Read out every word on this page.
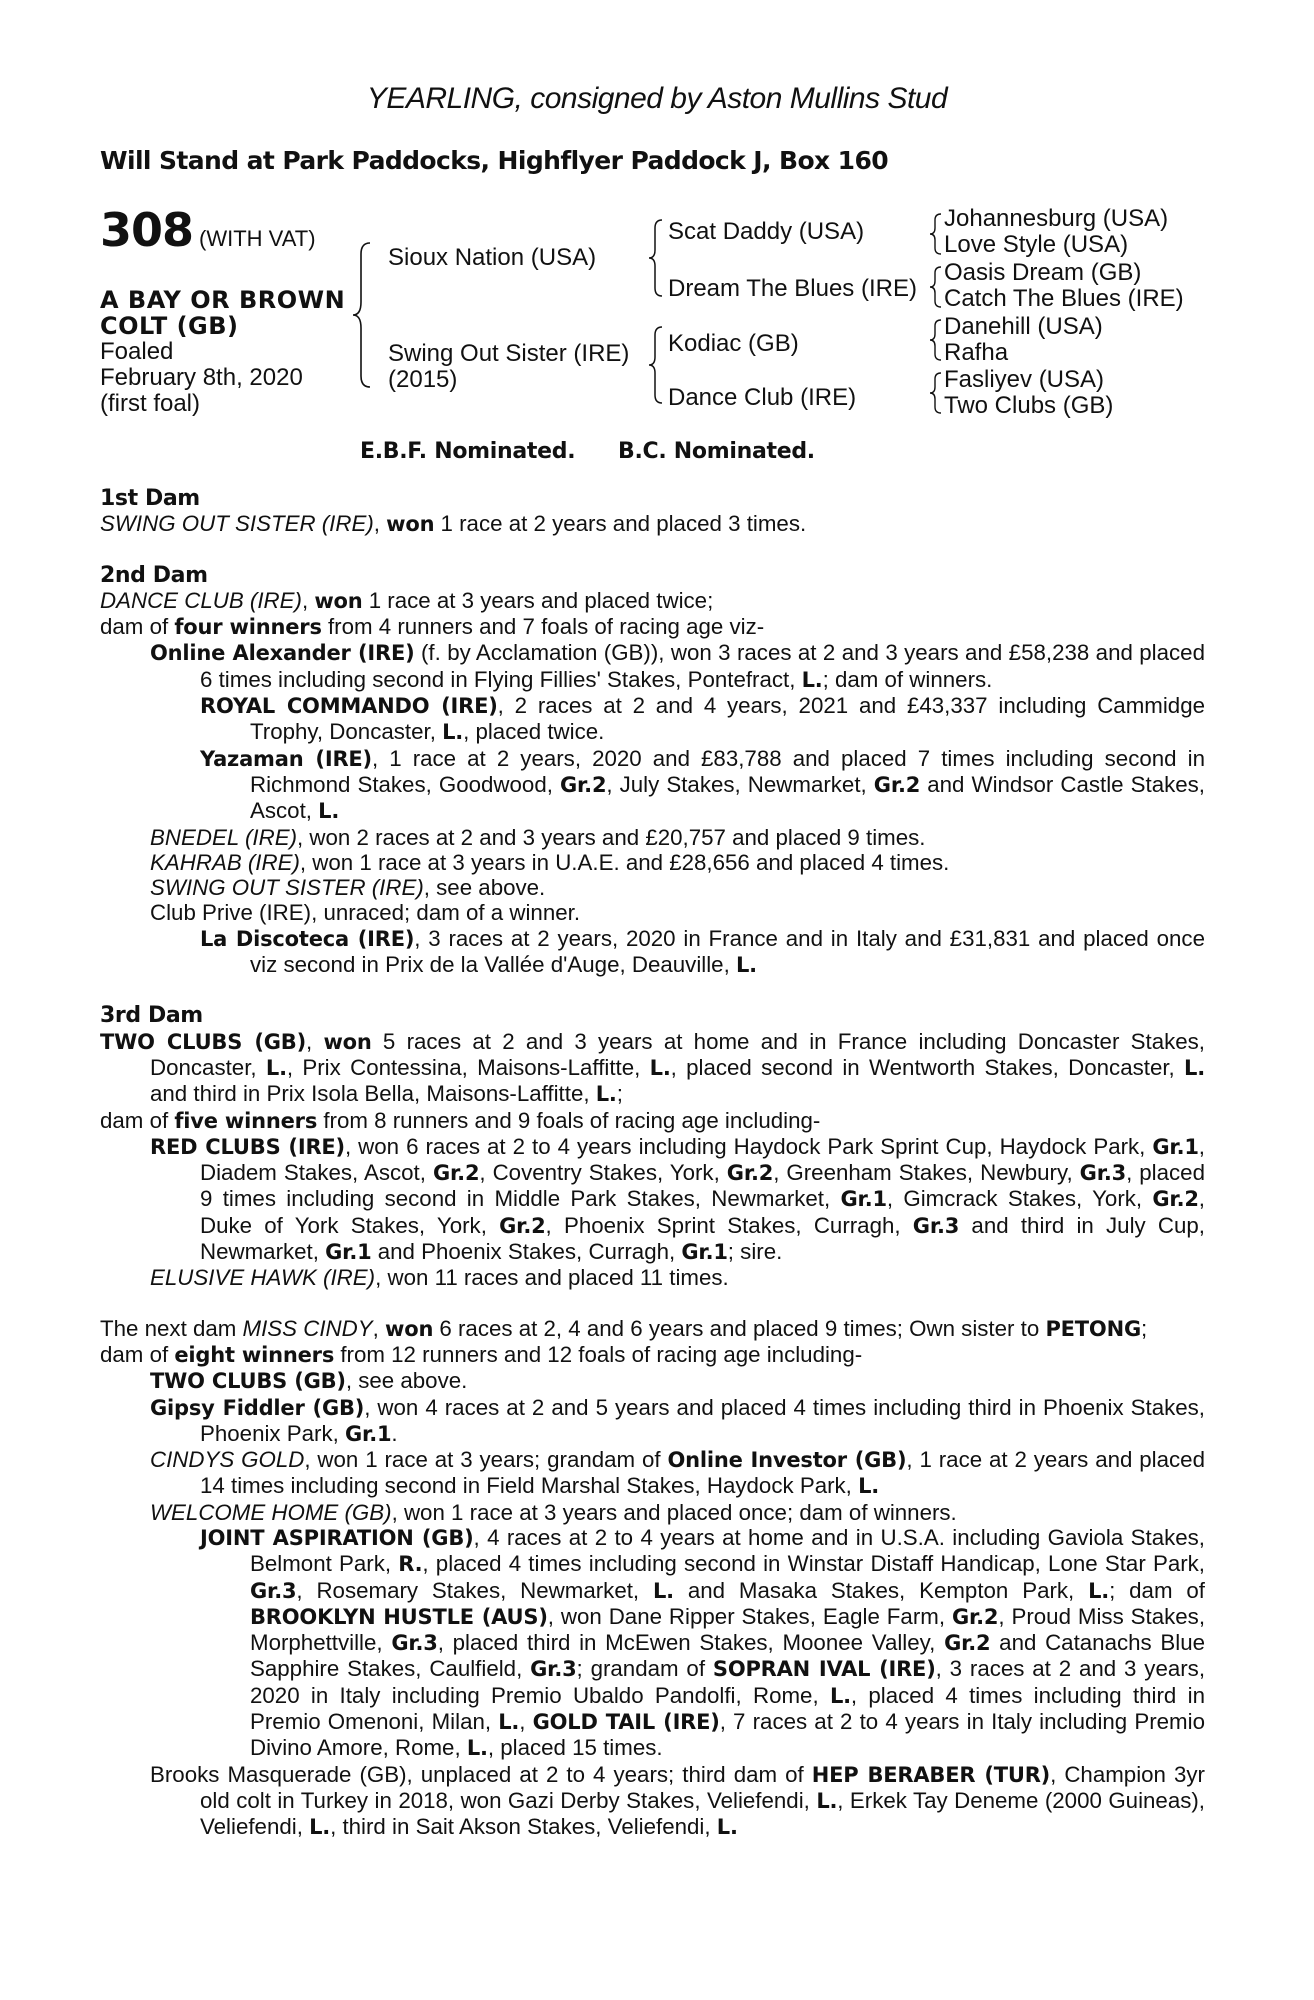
YEARLING, consigned by Aston Mullins Stud
Will Stand at Park Paddocks, Highflyer Paddock J, Box 160
308 (WITH VAT)
A BAY OR BROWN
COLT (GB)
Foaled
February 8th, 2020
(first foal)
Sioux Nation (USA)
Swing Out Sister (IRE)
(2015)
Scat Daddy (USA)
Dream The Blues (IRE)
Kodiac (GB)
Dance Club (IRE)
Johannesburg (USA)
Love Style (USA)
Oasis Dream (GB)
Catch The Blues (IRE)
Danehill (USA)
Rafha
Fasliyev (USA)
Two Clubs (GB)
E.B.F. Nominated. B.C. Nominated.
1st Dam
SWING OUT SISTER (IRE), won 1 race at 2 years and placed 3 times.
2nd Dam
DANCE CLUB (IRE), won 1 race at 3 years and placed twice;
dam of four winners from 4 runners and 7 foals of racing age viz-
Online Alexander (IRE) (f. by Acclamation (GB)), won 3 races at 2 and 3 years and £58,238 and placed 6 times including second in Flying Fillies' Stakes, Pontefract, L.; dam of winners.
ROYAL COMMANDO (IRE), 2 races at 2 and 4 years, 2021 and £43,337 including Cammidge Trophy, Doncaster, L., placed twice.
Yazaman (IRE), 1 race at 2 years, 2020 and £83,788 and placed 7 times including second in Richmond Stakes, Goodwood, Gr.2, July Stakes, Newmarket, Gr.2 and Windsor Castle Stakes, Ascot, L.
BNEDEL (IRE), won 2 races at 2 and 3 years and £20,757 and placed 9 times.
KAHRAB (IRE), won 1 race at 3 years in U.A.E. and £28,656 and placed 4 times.
SWING OUT SISTER (IRE), see above.
Club Prive (IRE), unraced; dam of a winner.
La Discoteca (IRE), 3 races at 2 years, 2020 in France and in Italy and £31,831 and placed once viz second in Prix de la Vallée d'Auge, Deauville, L.
3rd Dam
TWO CLUBS (GB), won 5 races at 2 and 3 years at home and in France including Doncaster Stakes, Doncaster, L., Prix Contessina, Maisons-Laffitte, L., placed second in Wentworth Stakes, Doncaster, L. and third in Prix Isola Bella, Maisons-Laffitte, L.;
dam of five winners from 8 runners and 9 foals of racing age including-
RED CLUBS (IRE), won 6 races at 2 to 4 years including Haydock Park Sprint Cup, Haydock Park, Gr.1, Diadem Stakes, Ascot, Gr.2, Coventry Stakes, York, Gr.2, Greenham Stakes, Newbury, Gr.3, placed 9 times including second in Middle Park Stakes, Newmarket, Gr.1, Gimcrack Stakes, York, Gr.2, Duke of York Stakes, York, Gr.2, Phoenix Sprint Stakes, Curragh, Gr.3 and third in July Cup, Newmarket, Gr.1 and Phoenix Stakes, Curragh, Gr.1; sire.
ELUSIVE HAWK (IRE), won 11 races and placed 11 times.
The next dam MISS CINDY, won 6 races at 2, 4 and 6 years and placed 9 times; Own sister to PETONG;
dam of eight winners from 12 runners and 12 foals of racing age including-
TWO CLUBS (GB), see above.
Gipsy Fiddler (GB), won 4 races at 2 and 5 years and placed 4 times including third in Phoenix Stakes, Phoenix Park, Gr.1.
CINDYS GOLD, won 1 race at 3 years; grandam of Online Investor (GB), 1 race at 2 years and placed 14 times including second in Field Marshal Stakes, Haydock Park, L.
WELCOME HOME (GB), won 1 race at 3 years and placed once; dam of winners.
JOINT ASPIRATION (GB), 4 races at 2 to 4 years at home and in U.S.A. including Gaviola Stakes, Belmont Park, R., placed 4 times including second in Winstar Distaff Handicap, Lone Star Park, Gr.3, Rosemary Stakes, Newmarket, L. and Masaka Stakes, Kempton Park, L.; dam of BROOKLYN HUSTLE (AUS), won Dane Ripper Stakes, Eagle Farm, Gr.2, Proud Miss Stakes, Morphettville, Gr.3, placed third in McEwen Stakes, Moonee Valley, Gr.2 and Catanachs Blue Sapphire Stakes, Caulfield, Gr.3; grandam of SOPRAN IVAL (IRE), 3 races at 2 and 3 years, 2020 in Italy including Premio Ubaldo Pandolfi, Rome, L., placed 4 times including third in Premio Omenoni, Milan, L., GOLD TAIL (IRE), 7 races at 2 to 4 years in Italy including Premio Divino Amore, Rome, L., placed 15 times.
Brooks Masquerade (GB), unplaced at 2 to 4 years; third dam of HEP BERABER (TUR), Champion 3yr old colt in Turkey in 2018, won Gazi Derby Stakes, Veliefendi, L., Erkek Tay Deneme (2000 Guineas), Veliefendi, L., third in Sait Akson Stakes, Veliefendi, L.
